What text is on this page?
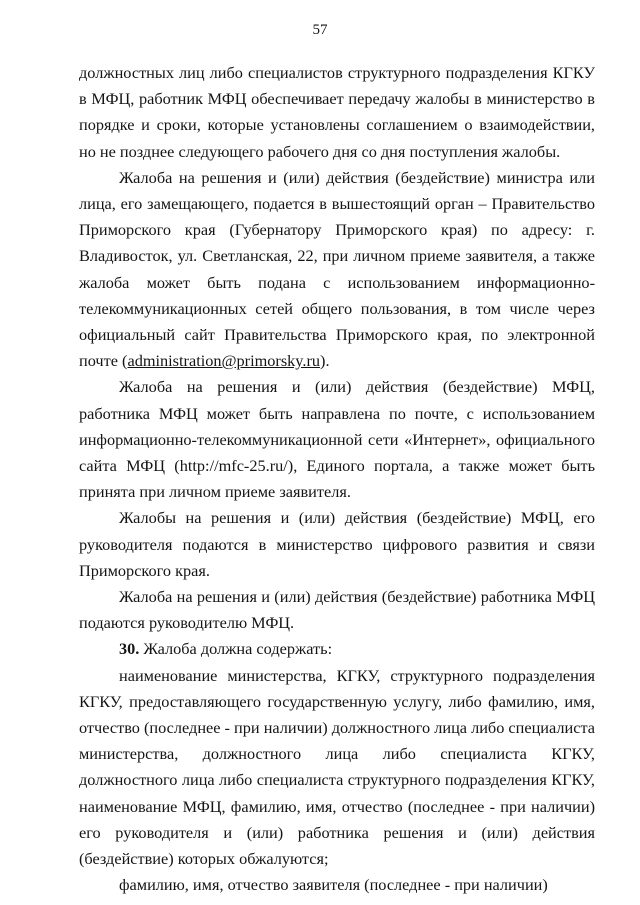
57

должностных лиц либо специалистов структурного подразделения КГКУ в МФЦ, работник МФЦ обеспечивает передачу жалобы в министерство в порядке и сроки, которые установлены соглашением о взаимодействии, но не позднее следующего рабочего дня со дня поступления жалобы.

Жалоба на решения и (или) действия (бездействие) министра или лица, его замещающего, подается в вышестоящий орган – Правительство Приморского края (Губернатору Приморского края) по адресу: г. Владивосток, ул. Светланская, 22, при личном приеме заявителя, а также жалоба может быть подана с использованием информационно-телекоммуникационных сетей общего пользования, в том числе через официальный сайт Правительства Приморского края, по электронной почте (administration@primorsky.ru).

Жалоба на решения и (или) действия (бездействие) МФЦ, работника МФЦ может быть направлена по почте, с использованием информационно-телекоммуникационной сети «Интернет», официального сайта МФЦ (http://mfc-25.ru/), Единого портала, а также может быть принята при личном приеме заявителя.

Жалобы на решения и (или) действия (бездействие) МФЦ, его руководителя подаются в министерство цифрового развития и связи Приморского края.

Жалоба на решения и (или) действия (бездействие) работника МФЦ подаются руководителю МФЦ.

30. Жалоба должна содержать:

наименование министерства, КГКУ, структурного подразделения КГКУ, предоставляющего государственную услугу, либо фамилию, имя, отчество (последнее - при наличии) должностного лица либо специалиста министерства, должностного лица либо специалиста КГКУ, должностного лица либо специалиста структурного подразделения КГКУ, наименование МФЦ, фамилию, имя, отчество (последнее - при наличии) его руководителя и (или) работника решения и (или) действия (бездействие) которых обжалуются;

фамилию, имя, отчество заявителя (последнее - при наличии)
